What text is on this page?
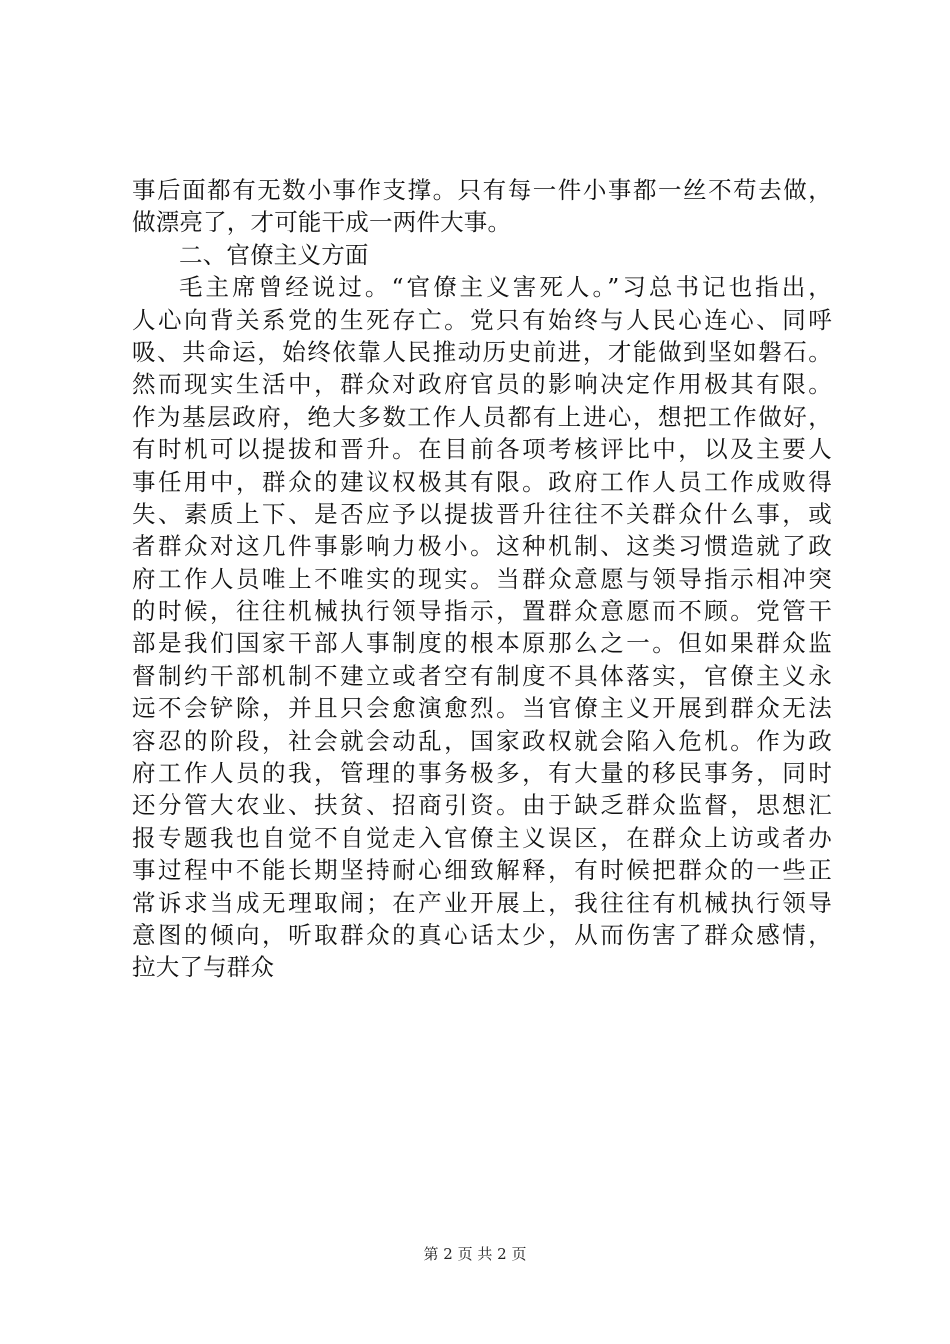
事后面都有无数小事作支撑。只有每一件小事都一丝不苟去做，
做漂亮了，才可能干成一两件大事。
二、官僚主义方面
毛主席曾经说过。“官僚主义害死人。”习总书记也指出，
人心向背关系党的生死存亡。党只有始终与人民心连心、同呼
吸、共命运，始终依靠人民推动历史前进，才能做到坚如磐石。
然而现实生活中，群众对政府官员的影响决定作用极其有限。
作为基层政府，绝大多数工作人员都有上进心，想把工作做好，
有时机可以提拔和晋升。在目前各项考核评比中，以及主要人
事任用中，群众的建议权极其有限。政府工作人员工作成败得
失、素质上下、是否应予以提拔晋升往往不关群众什么事，或
者群众对这几件事影响力极小。这种机制、这类习惯造就了政
府工作人员唯上不唯实的现实。当群众意愿与领导指示相冲突
的时候，往往机械执行领导指示，置群众意愿而不顾。党管干
部是我们国家干部人事制度的根本原那么之一。但如果群众监
督制约干部机制不建立或者空有制度不具体落实，官僚主义永
远不会铲除，并且只会愈演愈烈。当官僚主义开展到群众无法
容忍的阶段，社会就会动乱，国家政权就会陷入危机。作为政
府工作人员的我，管理的事务极多，有大量的移民事务，同时
还分管大农业、扶贫、招商引资。由于缺乏群众监督，思想汇
报专题我也自觉不自觉走入官僚主义误区，在群众上访或者办
事过程中不能长期坚持耐心细致解释，有时候把群众的一些正
常诉求当成无理取闹；在产业开展上，我往往有机械执行领导
意图的倾向，听取群众的真心话太少，从而伤害了群众感情，
拉大了与群众
第 2 页 共 2 页
